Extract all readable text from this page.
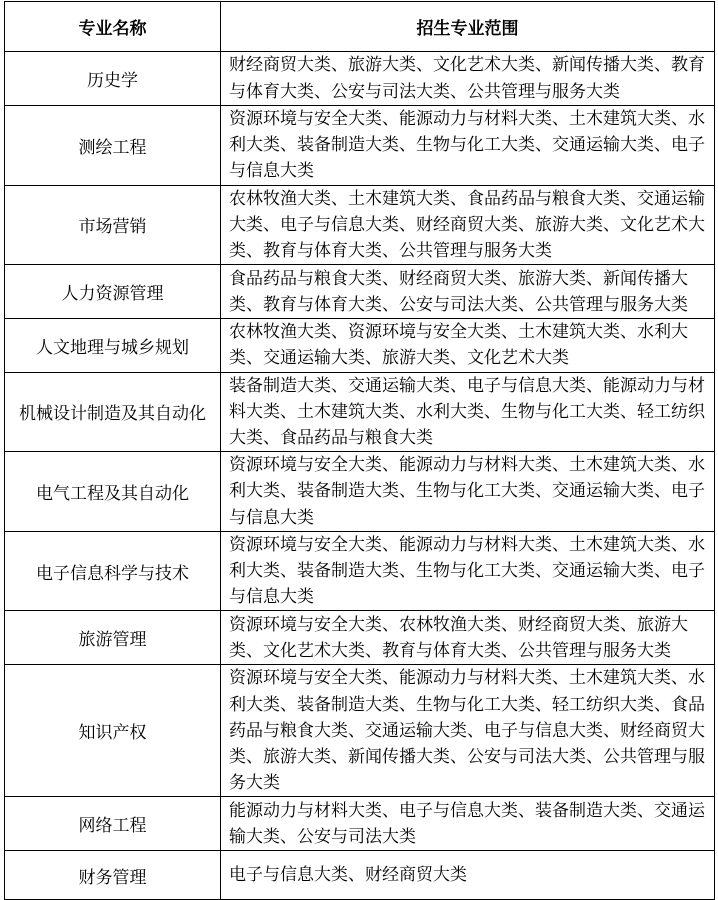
专业名称	招生专业范围
历史学	财经商贸大类、旅游大类、文化艺术大类、新闻传播大类、教育与体育大类、公安与司法大类、公共管理与服务大类
测绘工程	资源环境与安全大类、能源动力与材料大类、土木建筑大类、水利大类、装备制造大类、生物与化工大类、交通运输大类、电子与信息大类
市场营销	农林牧渔大类、土木建筑大类、食品药品与粮食大类、交通运输大类、电子与信息大类、财经商贸大类、旅游大类、文化艺术大类、教育与体育大类、公共管理与服务大类
人力资源管理	食品药品与粮食大类、财经商贸大类、旅游大类、新闻传播大类、教育与体育大类、公安与司法大类、公共管理与服务大类
人文地理与城乡规划	农林牧渔大类、资源环境与安全大类、土木建筑大类、水利大类、交通运输大类、旅游大类、文化艺术大类
机械设计制造及其自动化	装备制造大类、交通运输大类、电子与信息大类、能源动力与材料大类、土木建筑大类、水利大类、生物与化工大类、轻工纺织大类、食品药品与粮食大类
电气工程及其自动化	资源环境与安全大类、能源动力与材料大类、土木建筑大类、水利大类、装备制造大类、生物与化工大类、交通运输大类、电子与信息大类
电子信息科学与技术	资源环境与安全大类、能源动力与材料大类、土木建筑大类、水利大类、装备制造大类、生物与化工大类、交通运输大类、电子与信息大类
旅游管理	资源环境与安全大类、农林牧渔大类、财经商贸大类、旅游大类、文化艺术大类、教育与体育大类、公共管理与服务大类
知识产权	资源环境与安全大类、能源动力与材料大类、土木建筑大类、水利大类、装备制造大类、生物与化工大类、轻工纺织大类、食品药品与粮食大类、交通运输大类、电子与信息大类、财经商贸大类、旅游大类、新闻传播大类、公安与司法大类、公共管理与服务大类
网络工程	能源动力与材料大类、电子与信息大类、装备制造大类、交通运输大类、公安与司法大类
财务管理	电子与信息大类、财经商贸大类
